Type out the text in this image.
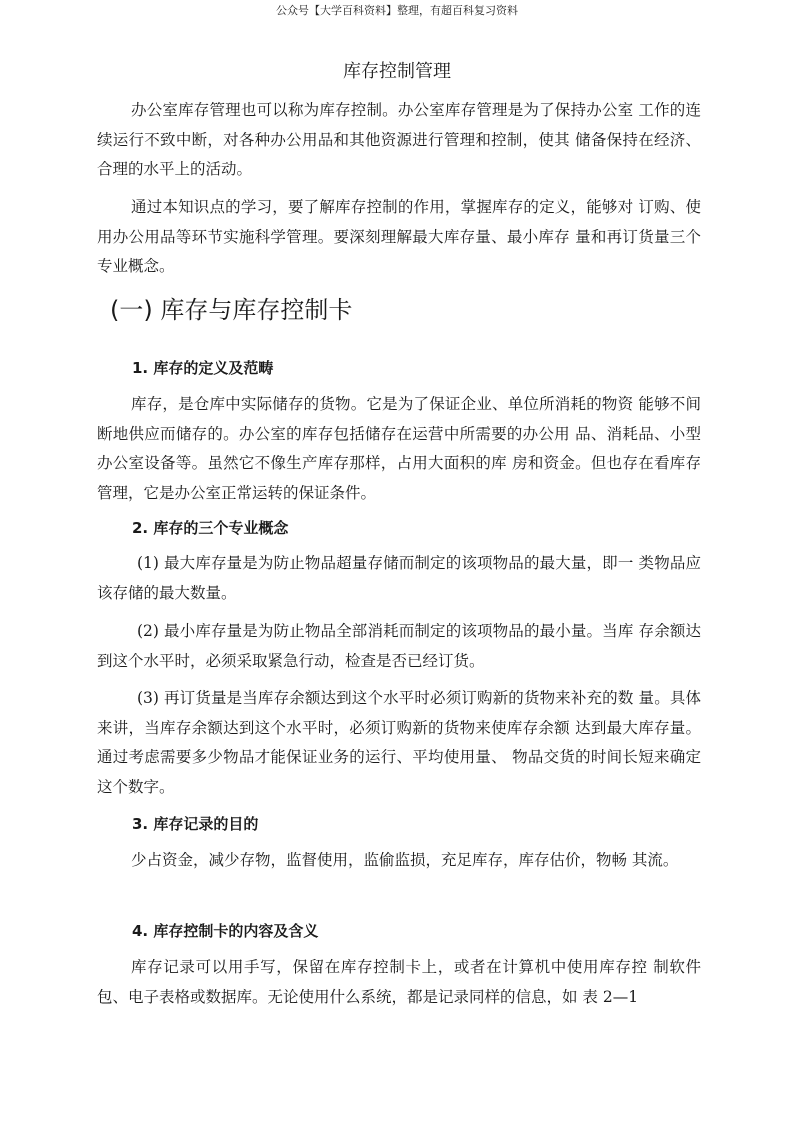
公众号【大学百科资料】整理，有超百科复习资料
库存控制管理

办公室库存管理也可以称为库存控制。办公室库存管理是为了保持办公室 工作的连续运行不致中断，对各种办公用品和其他资源进行管理和控制，使其 储备保持在经济、合理的水平上的活动。

通过本知识点的学习，要了解库存控制的作用，掌握库存的定义，能够对 订购、使用办公用品等环节实施科学管理。要深刻理解最大库存量、最小库存 量和再订货量三个专业概念。

(一) 库存与库存控制卡
1. 库存的定义及范畴

库存，是仓库中实际储存的货物。它是为了保证企业、单位所消耗的物资 能够不间断地供应而储存的。办公室的库存包括储存在运营中所需要的办公用 品、消耗品、小型办公室设备等。虽然它不像生产库存那样，占用大面积的库 房和资金。但也存在看库存管理，它是办公室正常运转的保证条件。

2. 库存的三个专业概念

(1) 最大库存量是为防止物品超量存储而制定的该项物品的最大量，即一 类物品应该存储的最大数量。

(2) 最小库存量是为防止物品全部消耗而制定的该项物品的最小量。当库 存余额达到这个水平时，必须采取紧急行动，检查是否已经订货。

(3) 再订货量是当库存余额达到这个水平时必须订购新的货物来补充的数 量。具体来讲，当库存余额达到这个水平时，必须订购新的货物来使库存余额 达到最大库存量。通过考虑需要多少物品才能保证业务的运行、平均使用量、 物品交货的时间长短来确定这个数字。

3. 库存记录的目的

少占资金，减少存物，监督使用，监偷监损，充足库存，库存估价，物畅 其流。

4. 库存控制卡的内容及含义

库存记录可以用手写，保留在库存控制卡上，或者在计算机中使用库存控 制软件包、电子表格或数据库。无论使用什么系统，都是记录同样的信息，如 表 2—1
